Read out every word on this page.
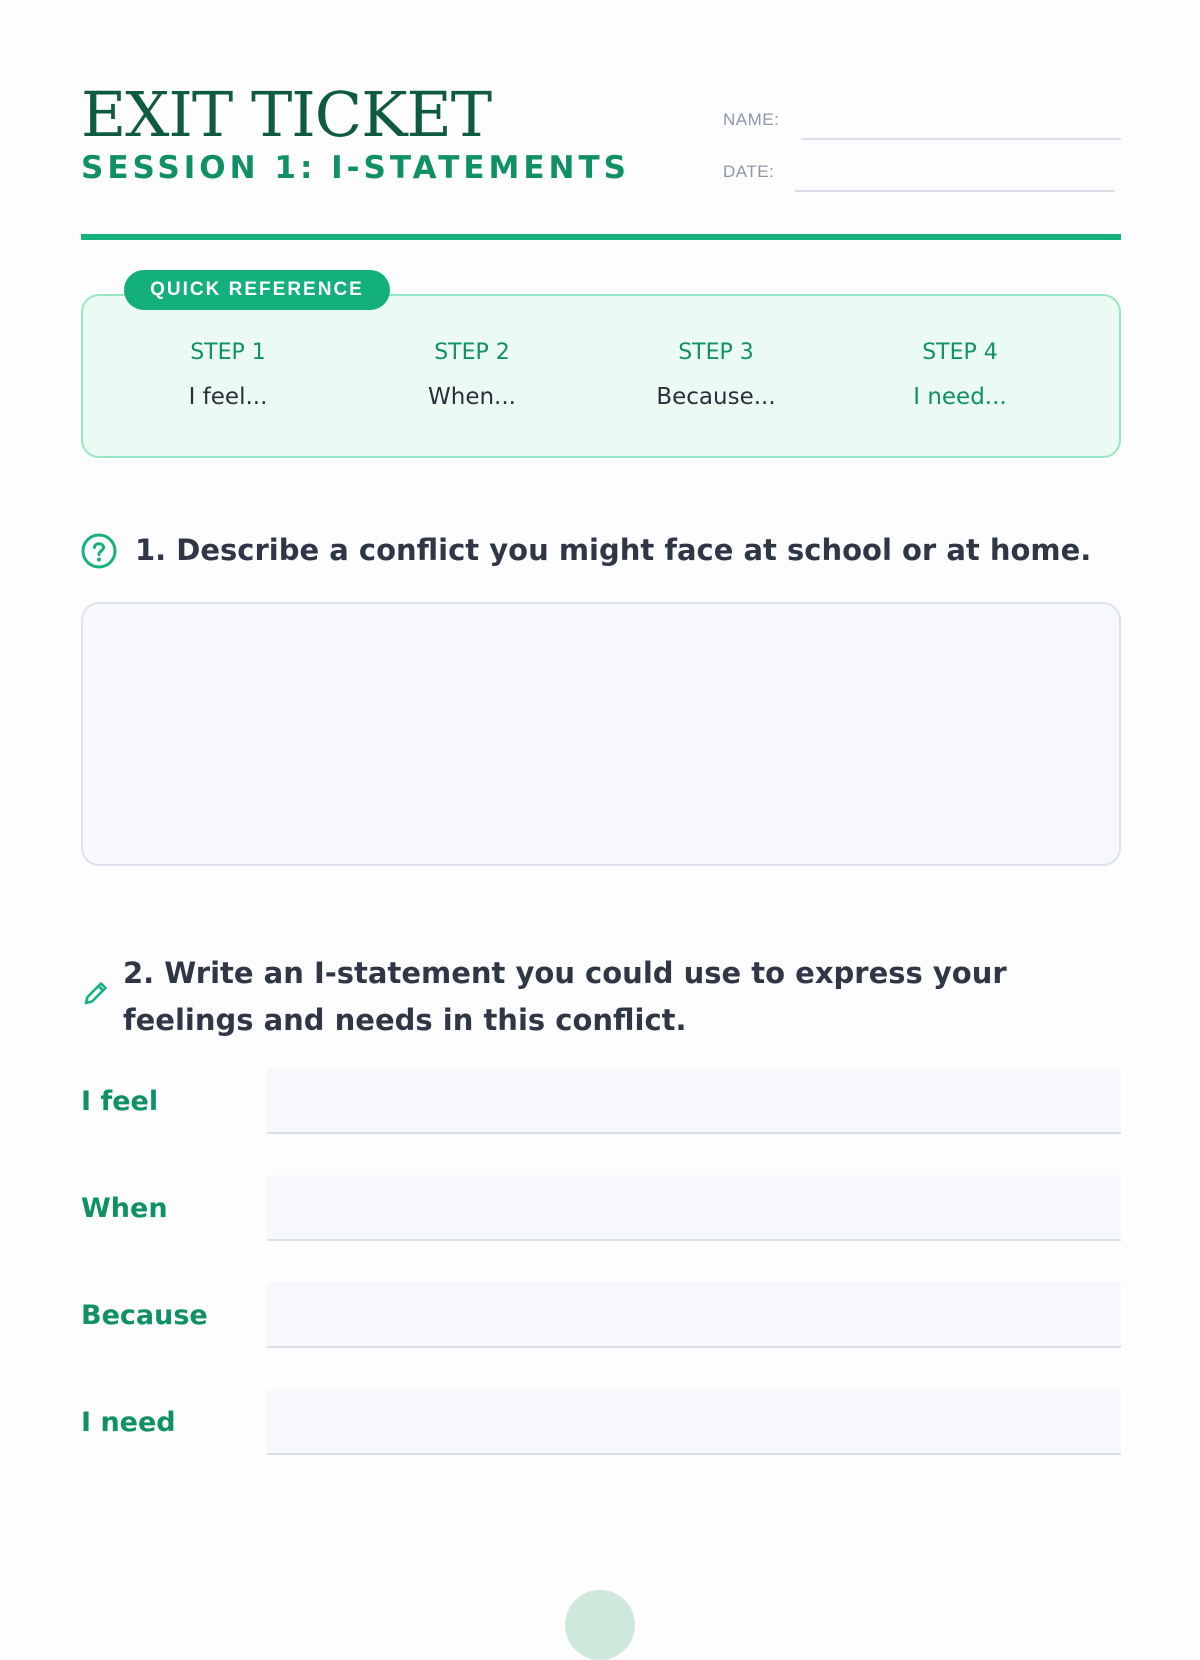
EXIT TICKET
SESSION 1: I-STATEMENTS
NAME:
DATE:
QUICK REFERENCE
STEP 1
I feel...
STEP 2
When...
STEP 3
Because...
STEP 4
I need...
1. Describe a conflict you might face at school or at home.
2. Write an I-statement you could use to express your feelings and needs in this conflict.
I feel
When
Because
I need
